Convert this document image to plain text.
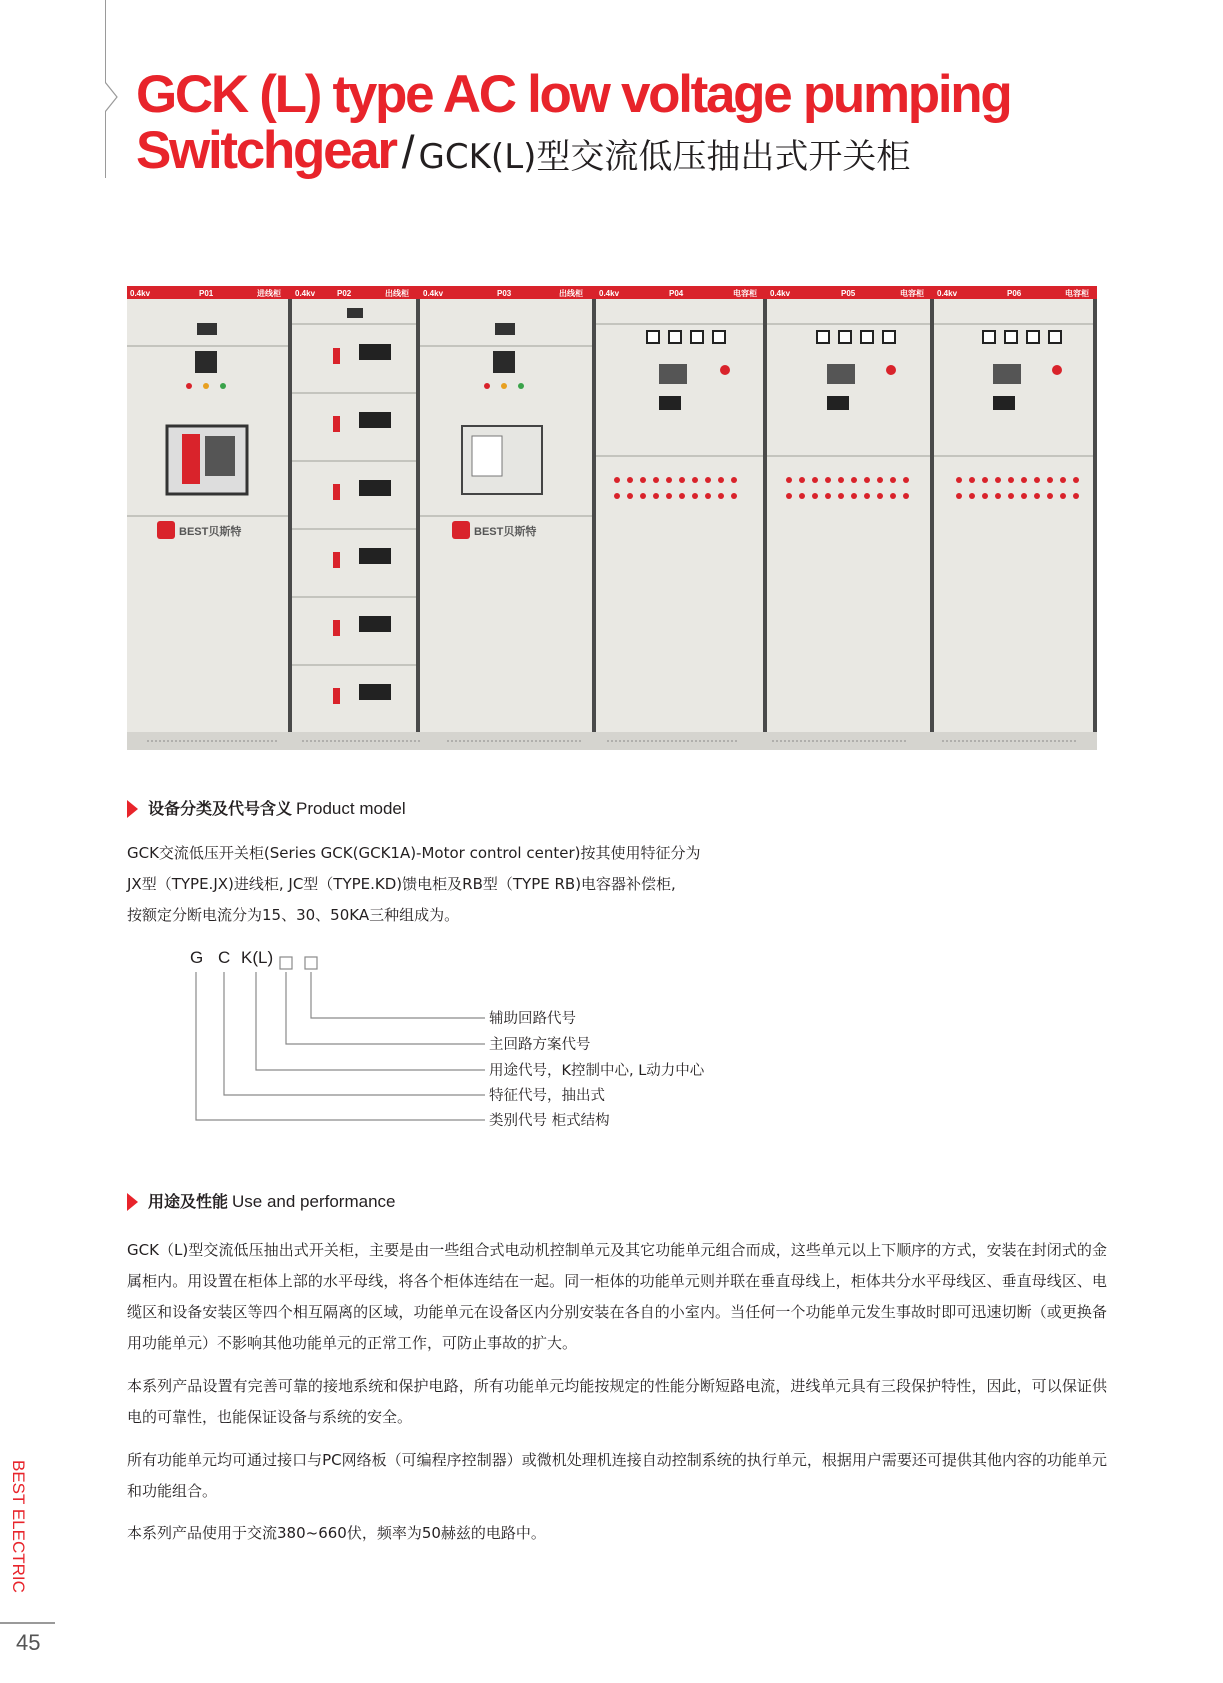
GCK (L) type AC low voltage pumping
Switchgear / GCK(L)型交流低压抽出式开关柜
0.4kv	P01	进线柜 0.4kv	P02	出线柜 0.4kv	P03	出线柜 0.4kv	P04	电容柜 0.4kv	P05	电容柜 0.4kv	P06	电容柜
BEST贝斯特	BEST贝斯特
设备分类及代号含义 Product model
GCK交流低压开关柜(Series GCK(GCK1A)-Motor control center)按其使用特征分为
JX型（TYPE.JX)进线柜, JC型（TYPE.KD)馈电柜及RB型（TYPE RB)电容器补偿柜,
按额定分断电流分为15、30、50KA三种组成为。
G C K(L)
辅助回路代号
主回路方案代号
用途代号，K控制中心, L动力中心
特征代号，抽出式
类别代号 柜式结构
用途及性能 Use and performance
GCK（L)型交流低压抽出式开关柜，主要是由一些组合式电动机控制单元及其它功能单元组合而成，这些单元以上下顺序的方式，安装在封闭式的金属柜内。用设置在柜体上部的水平母线，将各个柜体连结在一起。同一柜体的功能单元则并联在垂直母线上，柜体共分水平母线区、垂直母线区、电缆区和设备安装区等四个相互隔离的区域，功能单元在设备区内分别安装在各自的小室内。当任何一个功能单元发生事故时即可迅速切断（或更换备用功能单元）不影响其他功能单元的正常工作，可防止事故的扩大。
本系列产品设置有完善可靠的接地系统和保护电路，所有功能单元均能按规定的性能分断短路电流，进线单元具有三段保护特性，因此，可以保证供电的可靠性，也能保证设备与系统的安全。
所有功能单元均可通过接口与PC网络板（可编程序控制器）或微机处理机连接自动控制系统的执行单元，根据用户需要还可提供其他内容的功能单元和功能组合。
本系列产品使用于交流380~660伏，频率为50赫兹的电路中。
BEST ELECTRIC
45
